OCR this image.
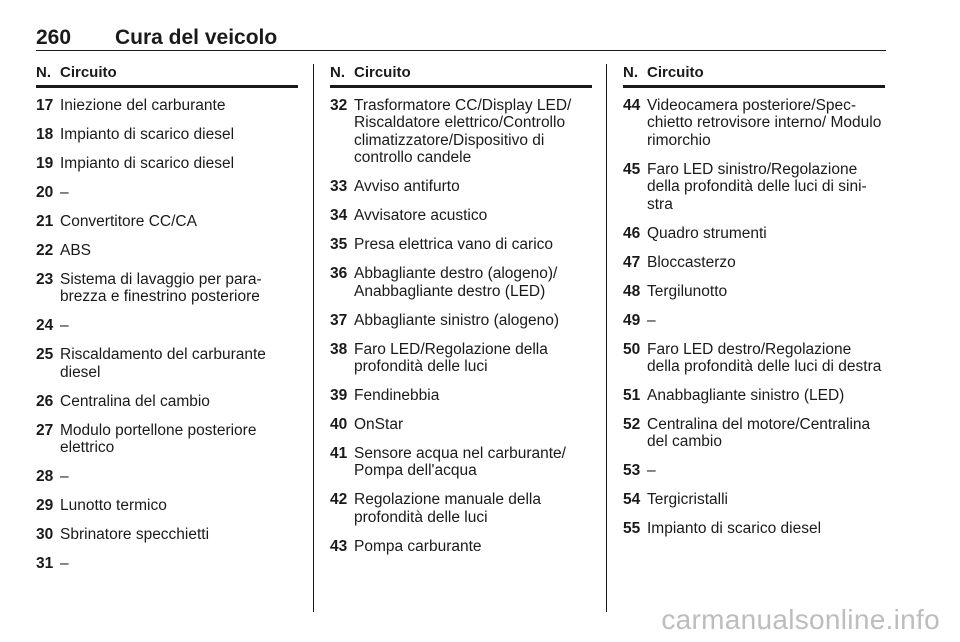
260 Cura del veicolo
N. Circuito
17 Iniezione del carburante
18 Impianto di scarico diesel
19 Impianto di scarico diesel
20 –
21 Convertitore CC/CA
22 ABS
23 Sistema di lavaggio per para-brezza e finestrino posteriore
24 –
25 Riscaldamento del carburante diesel
26 Centralina del cambio
27 Modulo portellone posteriore elettrico
28 –
29 Lunotto termico
30 Sbrinatore specchietti
31 –
N. Circuito
32 Trasformatore CC/Display LED/ Riscaldatore elettrico/Controllo climatizzatore/Dispositivo di controllo candele
33 Avviso antifurto
34 Avvisatore acustico
35 Presa elettrica vano di carico
36 Abbagliante destro (alogeno)/ Anabbagliante destro (LED)
37 Abbagliante sinistro (alogeno)
38 Faro LED/Regolazione della profondità delle luci
39 Fendinebbia
40 OnStar
41 Sensore acqua nel carburante/ Pompa dell'acqua
42 Regolazione manuale della profondità delle luci
43 Pompa carburante
N. Circuito
44 Videocamera posteriore/Spec-chietto retrovisore interno/ Modulo rimorchio
45 Faro LED sinistro/Regolazione della profondità delle luci di sini-stra
46 Quadro strumenti
47 Bloccasterzo
48 Tergilunotto
49 –
50 Faro LED destro/Regolazione della profondità delle luci di destra
51 Anabbagliante sinistro (LED)
52 Centralina del motore/Centralina del cambio
53 –
54 Tergicristalli
55 Impianto di scarico diesel
carmanualsonline.info
